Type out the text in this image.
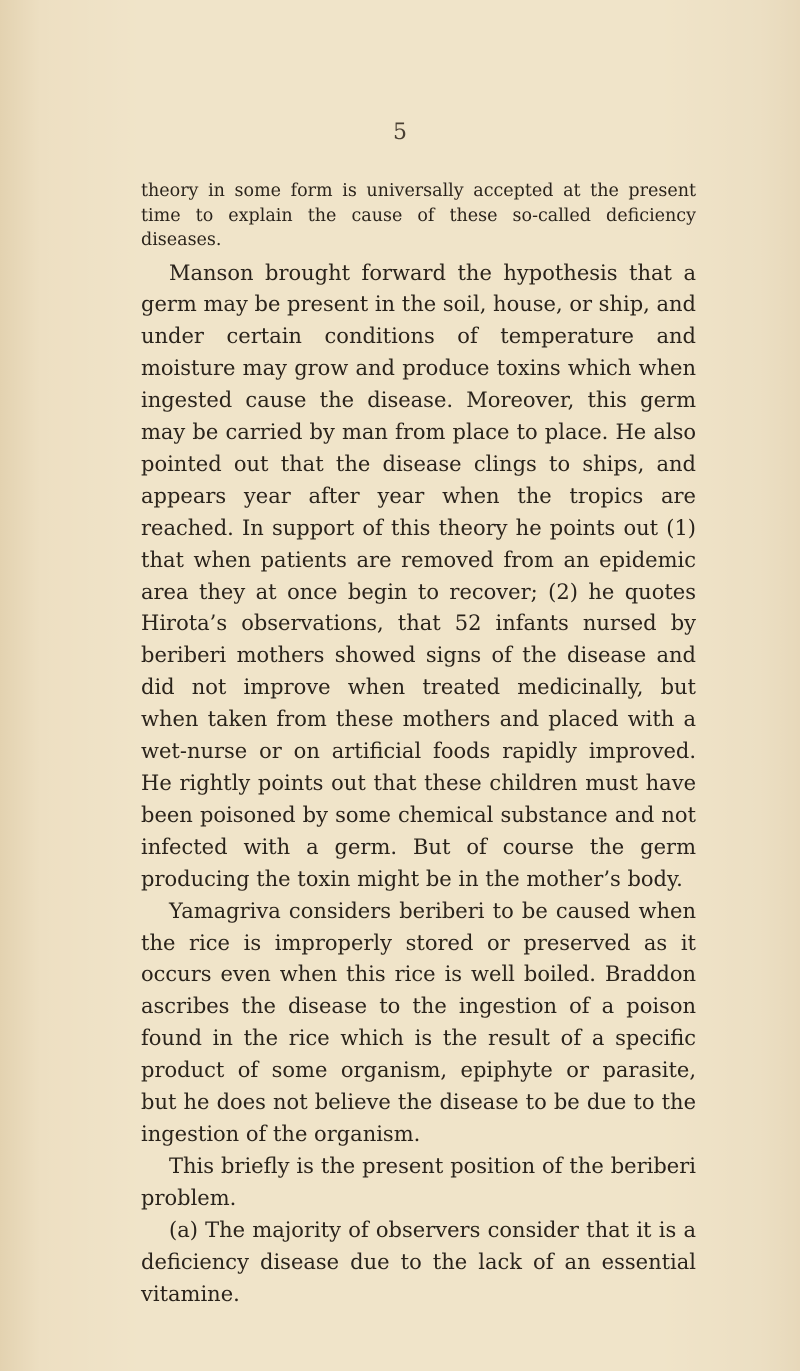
5

theory in some form is universally accepted at the present time to explain the cause of these so-called deficiency diseases.

Manson brought forward the hypothesis that a germ may be present in the soil, house, or ship, and under certain conditions of temperature and moisture may grow and produce toxins which when ingested cause the disease. Moreover, this germ may be carried by man from place to place. He also pointed out that the disease clings to ships, and appears year after year when the tropics are reached. In support of this theory he points out (1) that when patients are removed from an epidemic area they at once begin to recover; (2) he quotes Hirota’s observations, that 52 infants nursed by beriberi mothers showed signs of the disease and did not improve when treated medicinally, but when taken from these mothers and placed with a wet-nurse or on artificial foods rapidly improved. He rightly points out that these children must have been poisoned by some chemical substance and not infected with a germ. But of course the germ producing the toxin might be in the mother’s body.

Yamagriva considers beriberi to be caused when the rice is improperly stored or preserved as it occurs even when this rice is well boiled. Braddon ascribes the disease to the ingestion of a poison found in the rice which is the result of a specific product of some organism, epiphyte or parasite, but he does not believe the disease to be due to the ingestion of the organism.

This briefly is the present position of the beriberi problem.

(a) The majority of observers consider that it is a deficiency disease due to the lack of an essential vitamine.
